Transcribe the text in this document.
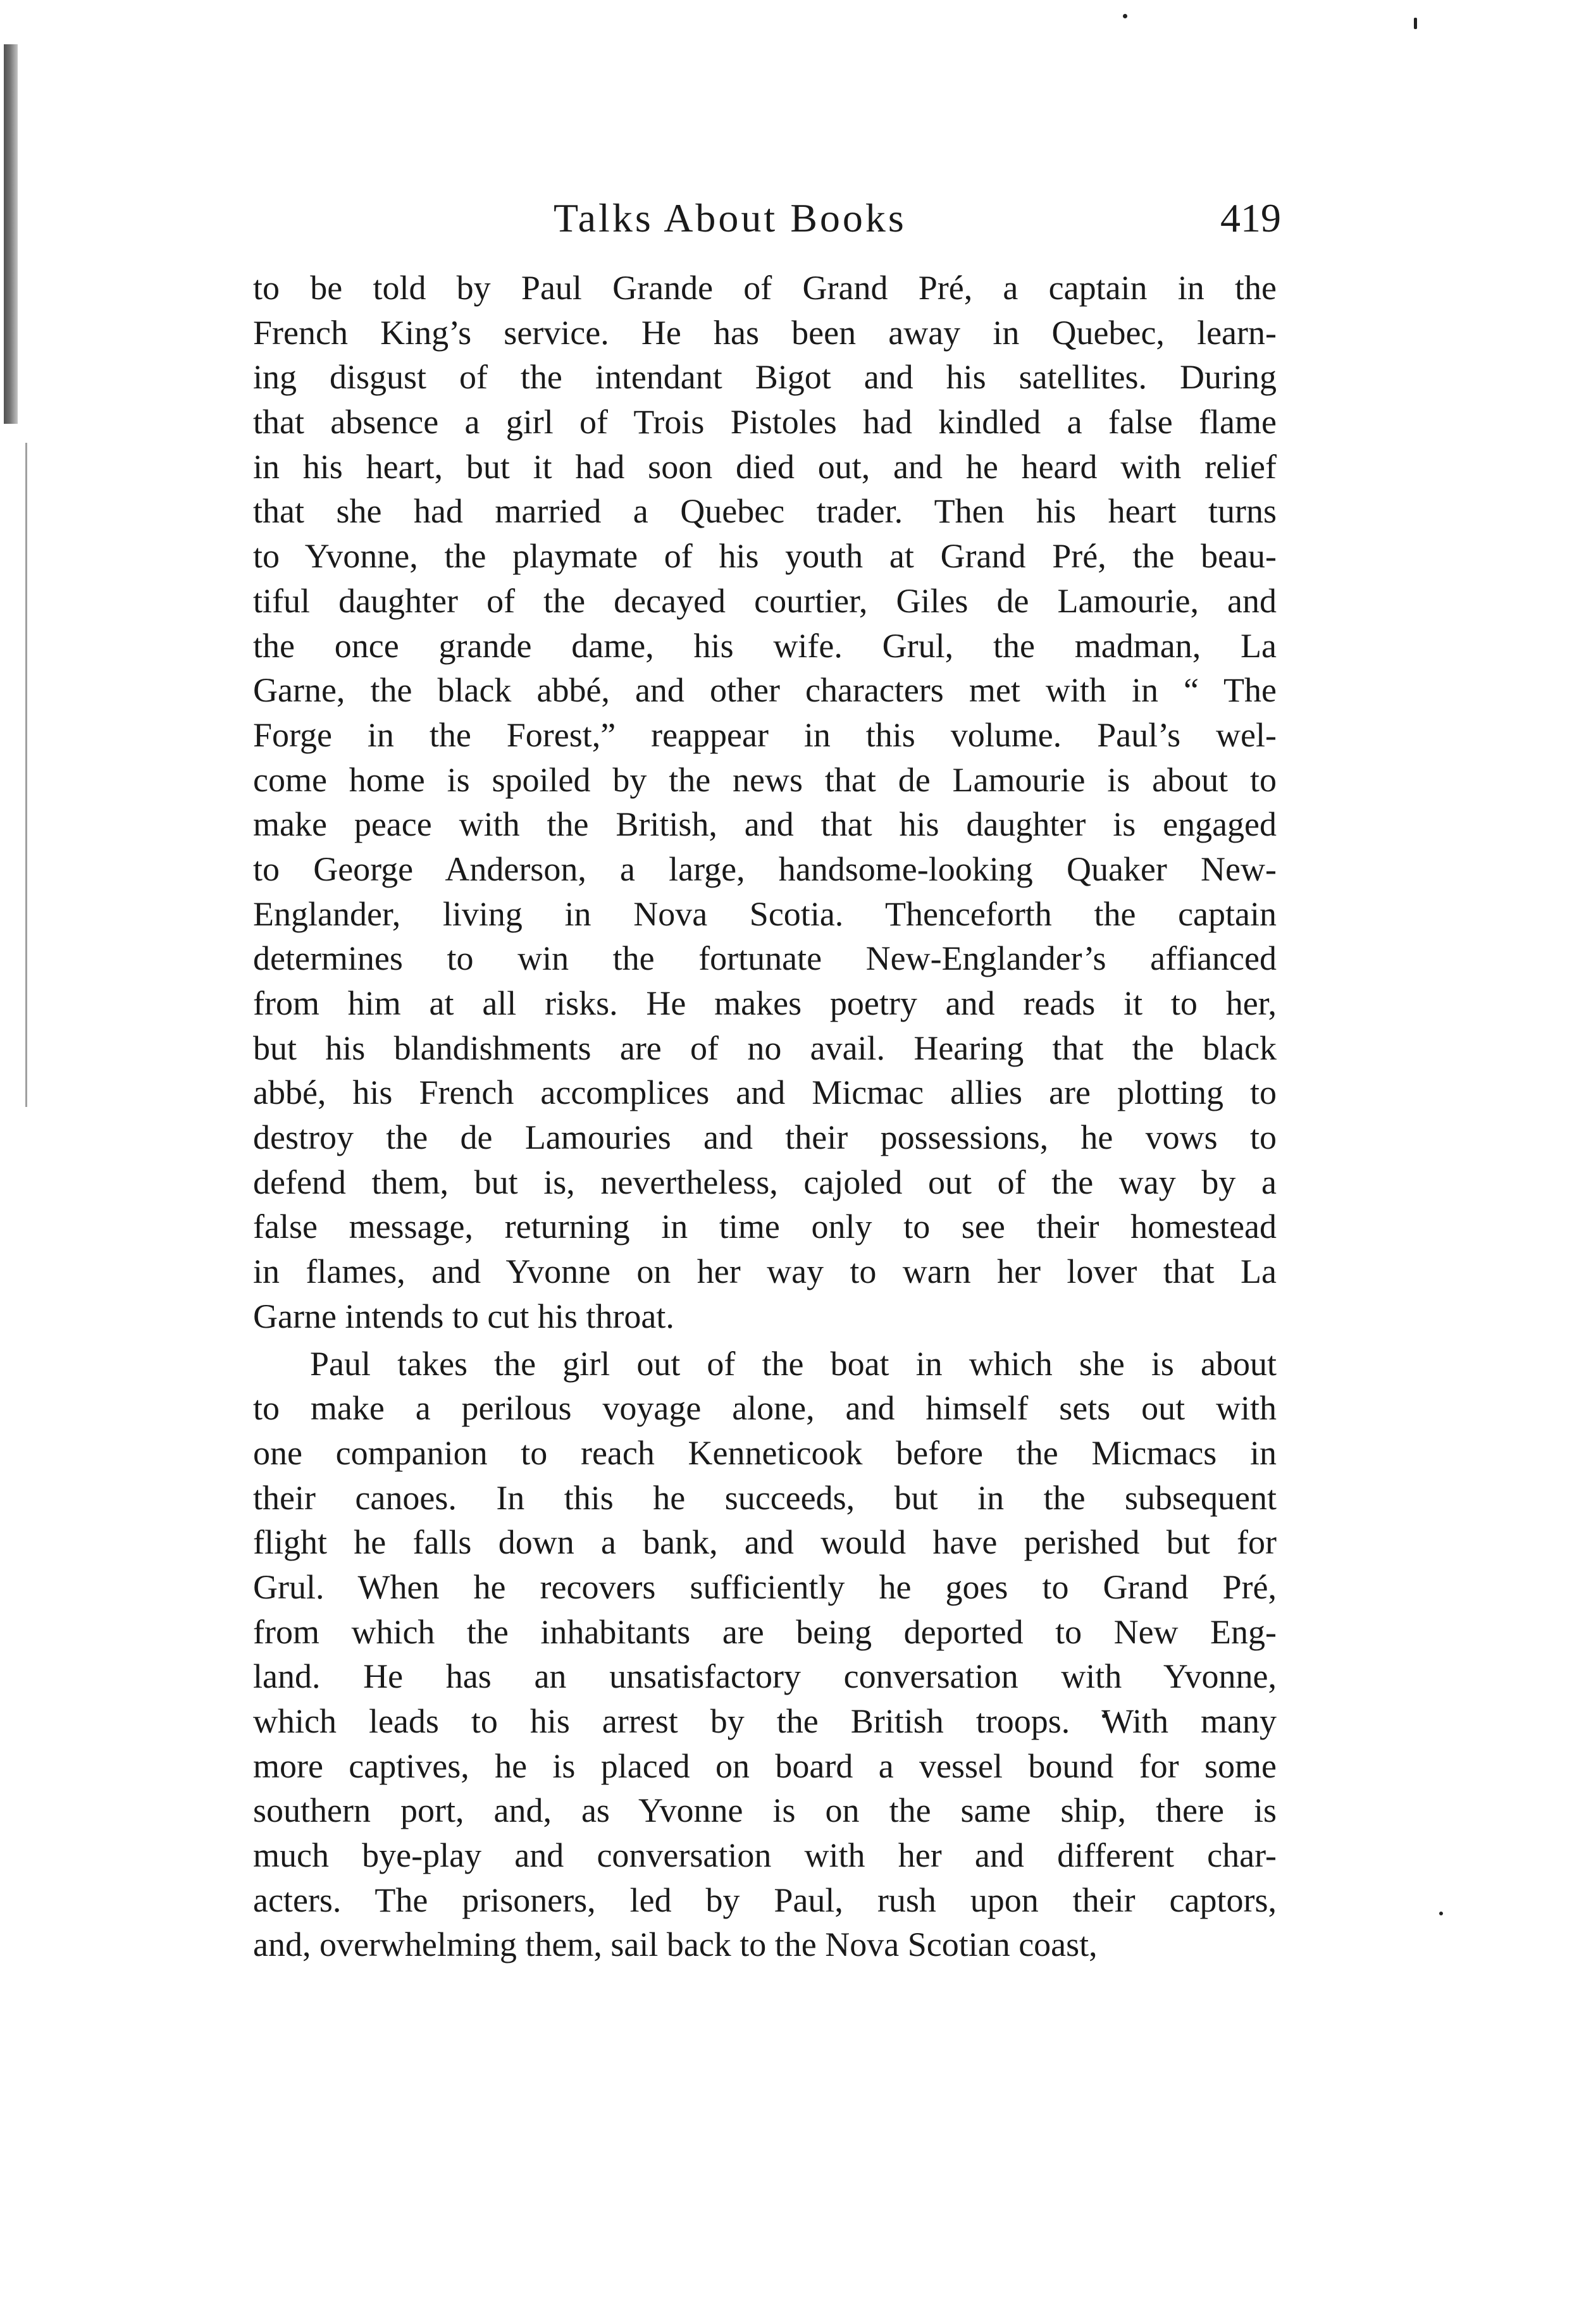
Talks About Books	419
to be told by Paul Grande of Grand Pré, a captain in the
French King’s service. He has been away in Quebec, learn-
ing disgust of the intendant Bigot and his satellites. During
that absence a girl of Trois Pistoles had kindled a false flame
in his heart, but it had soon died out, and he heard with relief
that she had married a Quebec trader. Then his heart turns
to Yvonne, the playmate of his youth at Grand Pré, the beau-
tiful daughter of the decayed courtier, Giles de Lamourie, and
the once grande dame, his wife. Grul, the madman, La
Garne, the black abbé, and other characters met with in “ The
Forge in the Forest,” reappear in this volume. Paul’s wel-
come home is spoiled by the news that de Lamourie is about to
make peace with the British, and that his daughter is engaged
to George Anderson, a large, handsome-looking Quaker New-
Englander, living in Nova Scotia. Thenceforth the captain
determines to win the fortunate New-Englander’s affianced
from him at all risks. He makes poetry and reads it to her,
but his blandishments are of no avail. Hearing that the black
abbé, his French accomplices and Micmac allies are plotting to
destroy the de Lamouries and their possessions, he vows to
defend them, but is, nevertheless, cajoled out of the way by a
false message, returning in time only to see their homestead
in flames, and Yvonne on her way to warn her lover that La
Garne intends to cut his throat.
Paul takes the girl out of the boat in which she is about
to make a perilous voyage alone, and himself sets out with
one companion to reach Kenneticook before the Micmacs in
their canoes. In this he succeeds, but in the subsequent
flight he falls down a bank, and would have perished but for
Grul. When he recovers sufficiently he goes to Grand Pré,
from which the inhabitants are being deported to New Eng-
land. He has an unsatisfactory conversation with Yvonne,
which leads to his arrest by the British troops. With many
more captives, he is placed on board a vessel bound for some
southern port, and, as Yvonne is on the same ship, there is
much bye-play and conversation with her and different char-
acters. The prisoners, led by Paul, rush upon their captors,
and, overwhelming them, sail back to the Nova Scotian coast,
